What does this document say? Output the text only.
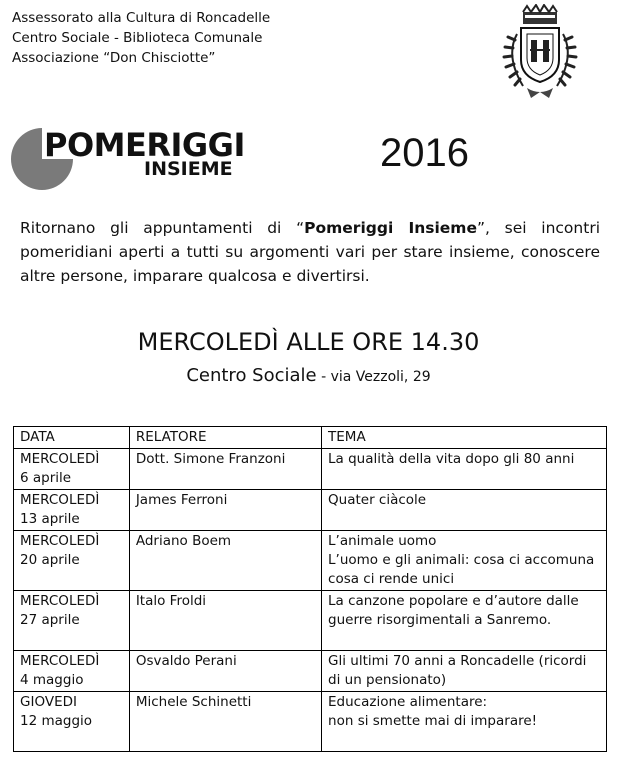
Assessorato alla Cultura di Roncadelle
Centro Sociale - Biblioteca Comunale
Associazione “Don Chisciotte”
POMERIGGI
INSIEME	2016
Ritornano gli appuntamenti di “Pomeriggi Insieme”, sei incontri pomeridiani aperti a tutti su argomenti vari per stare insieme, conoscere altre persone, imparare qualcosa e divertirsi.
MERCOLEDÌ ALLE ORE 14.30
Centro Sociale - via Vezzoli, 29
DATA	RELATORE	TEMA

MERCOLEDÌ
6 aprile	Dott. Simone Franzoni	La qualità della vita dopo gli 80 anni

MERCOLEDÌ
13 aprile	James Ferroni	Quater ciàcole

MERCOLEDÌ
20 aprile	Adriano Boem	L’animale uomo
L’uomo e gli animali: cosa ci accomuna
cosa ci rende unici

MERCOLEDÌ
27 aprile	Italo Froldi	La canzone popolare e d’autore dalle
guerre risorgimentali a Sanremo.

MERCOLEDÌ
4 maggio	Osvaldo Perani	Gli ultimi 70 anni a Roncadelle (ricordi
di un pensionato)

GIOVEDI
12 maggio	Michele Schinetti	Educazione alimentare:
non si smette mai di imparare!
